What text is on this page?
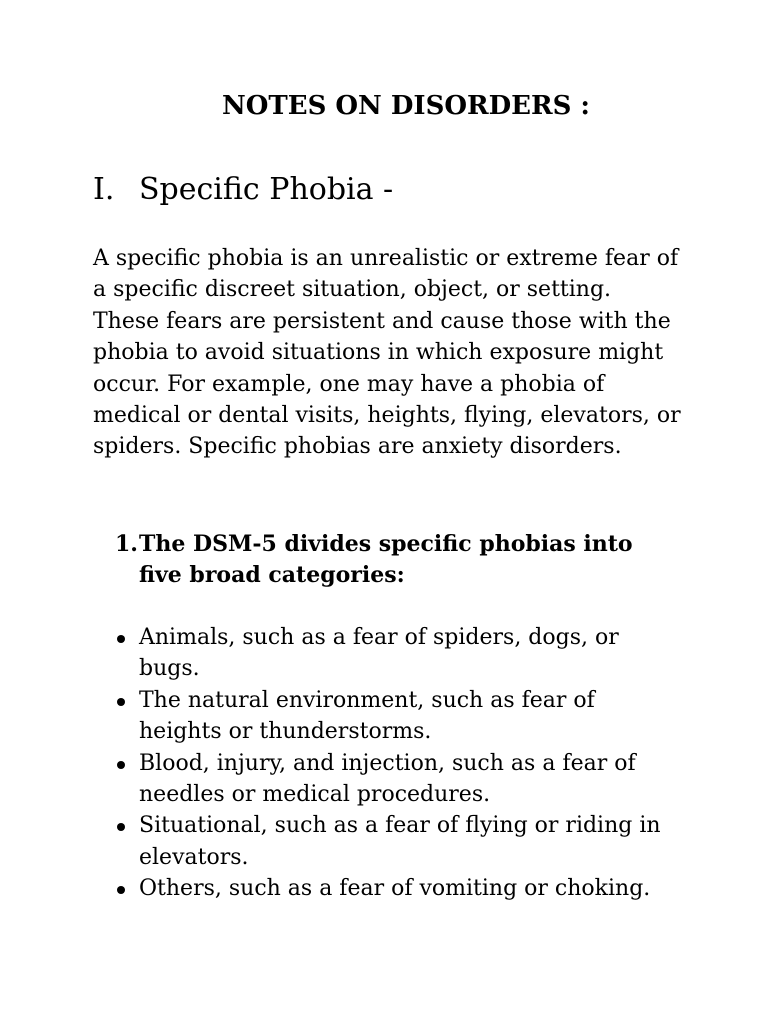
NOTES ON DISORDERS :
I. Specific Phobia -

A specific phobia is an unrealistic or extreme fear of a specific discreet situation, object, or setting. These fears are persistent and cause those with the phobia to avoid situations in which exposure might occur. For example, one may have a phobia of medical or dental visits, heights, flying, elevators, or spiders. Specific phobias are anxiety disorders.

1. The DSM-5 divides specific phobias into five broad categories:
Animals, such as a fear of spiders, dogs, or bugs.
The natural environment, such as fear of heights or thunderstorms.
Blood, injury, and injection, such as a fear of needles or medical procedures.
Situational, such as a fear of flying or riding in elevators.
Others, such as a fear of vomiting or choking.
